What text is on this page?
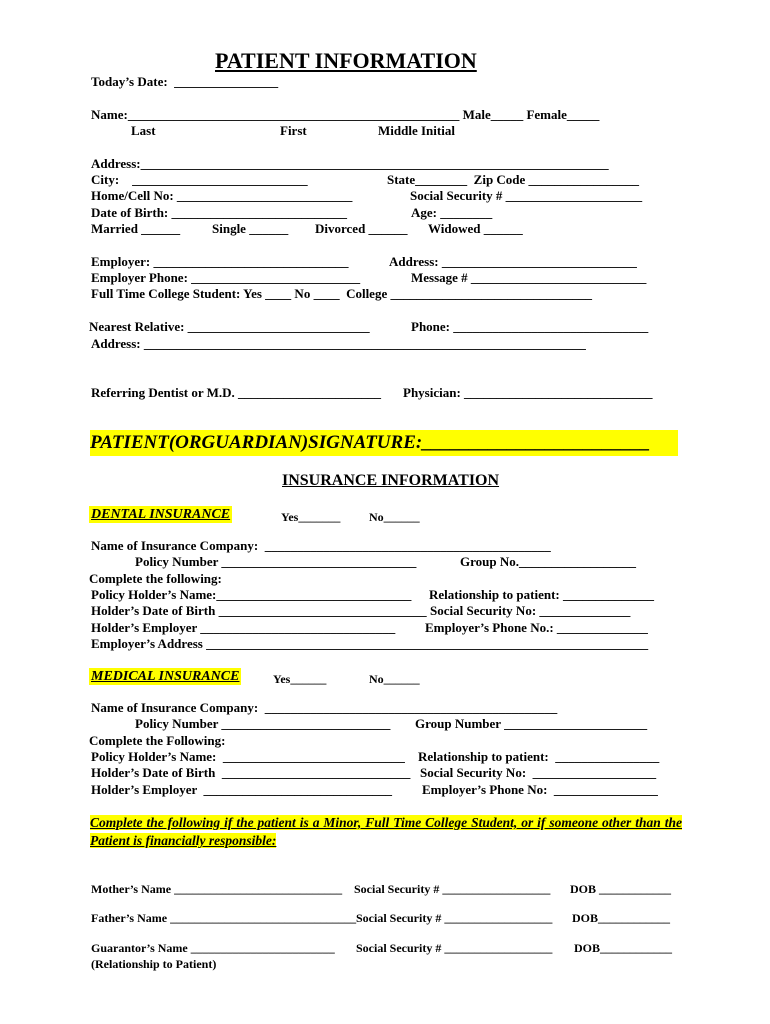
PATIENT INFORMATION
Today’s Date:  ________________
Name:___________________________________________________ Male_____ Female_____
Last	First	Middle Initial
Address:________________________________________________________________________
City:    ___________________________	State________  Zip Code _________________
Home/Cell No: ___________________________	Social Security # _____________________
Date of Birth: ___________________________	Age: ________
Married ______ Single ______ Divorced ______ Widowed ______
Employer: ______________________________	Address: ______________________________
Employer Phone: __________________________	Message # ___________________________
Full Time College Student: Yes ____ No ____  College _______________________________
Nearest Relative: ____________________________	Phone: ______________________________
Address: ____________________________________________________________________
Referring Dentist or M.D. ______________________ Physician: _____________________________
PATIENT(ORGUARDIAN)SIGNATURE:________________________
INSURANCE INFORMATION
DENTAL INSURANCE	Yes_______ No______
Name of Insurance Company:  ____________________________________________
Policy Number ______________________________	Group No.__________________
Complete the following:
Policy Holder’s Name:______________________________ Relationship to patient: ______________
Holder’s Date of Birth ________________________________ Social Security No: ______________
Holder’s Employer ______________________________ Employer’s Phone No.: ______________
Employer’s Address ____________________________________________________________________
MEDICAL INSURANCE	Yes______	No______
Name of Insurance Company:  _____________________________________________
Policy Number __________________________ Group Number ______________________
Complete the Following:
Policy Holder’s Name:  ____________________________ Relationship to patient:  ________________
Holder’s Date of Birth  _____________________________ Social Security No:  ___________________
Holder’s Employer  _____________________________ Employer’s Phone No:  ________________
Complete the following if the patient is a Minor, Full Time College Student, or if someone other than the Patient is financially responsible:
Mother’s Name ____________________________ Social Security # __________________ DOB ____________
Father’s Name _______________________________ Social Security # __________________ DOB____________
Guarantor’s Name ________________________ Social Security # __________________ DOB____________
(Relationship to Patient)
